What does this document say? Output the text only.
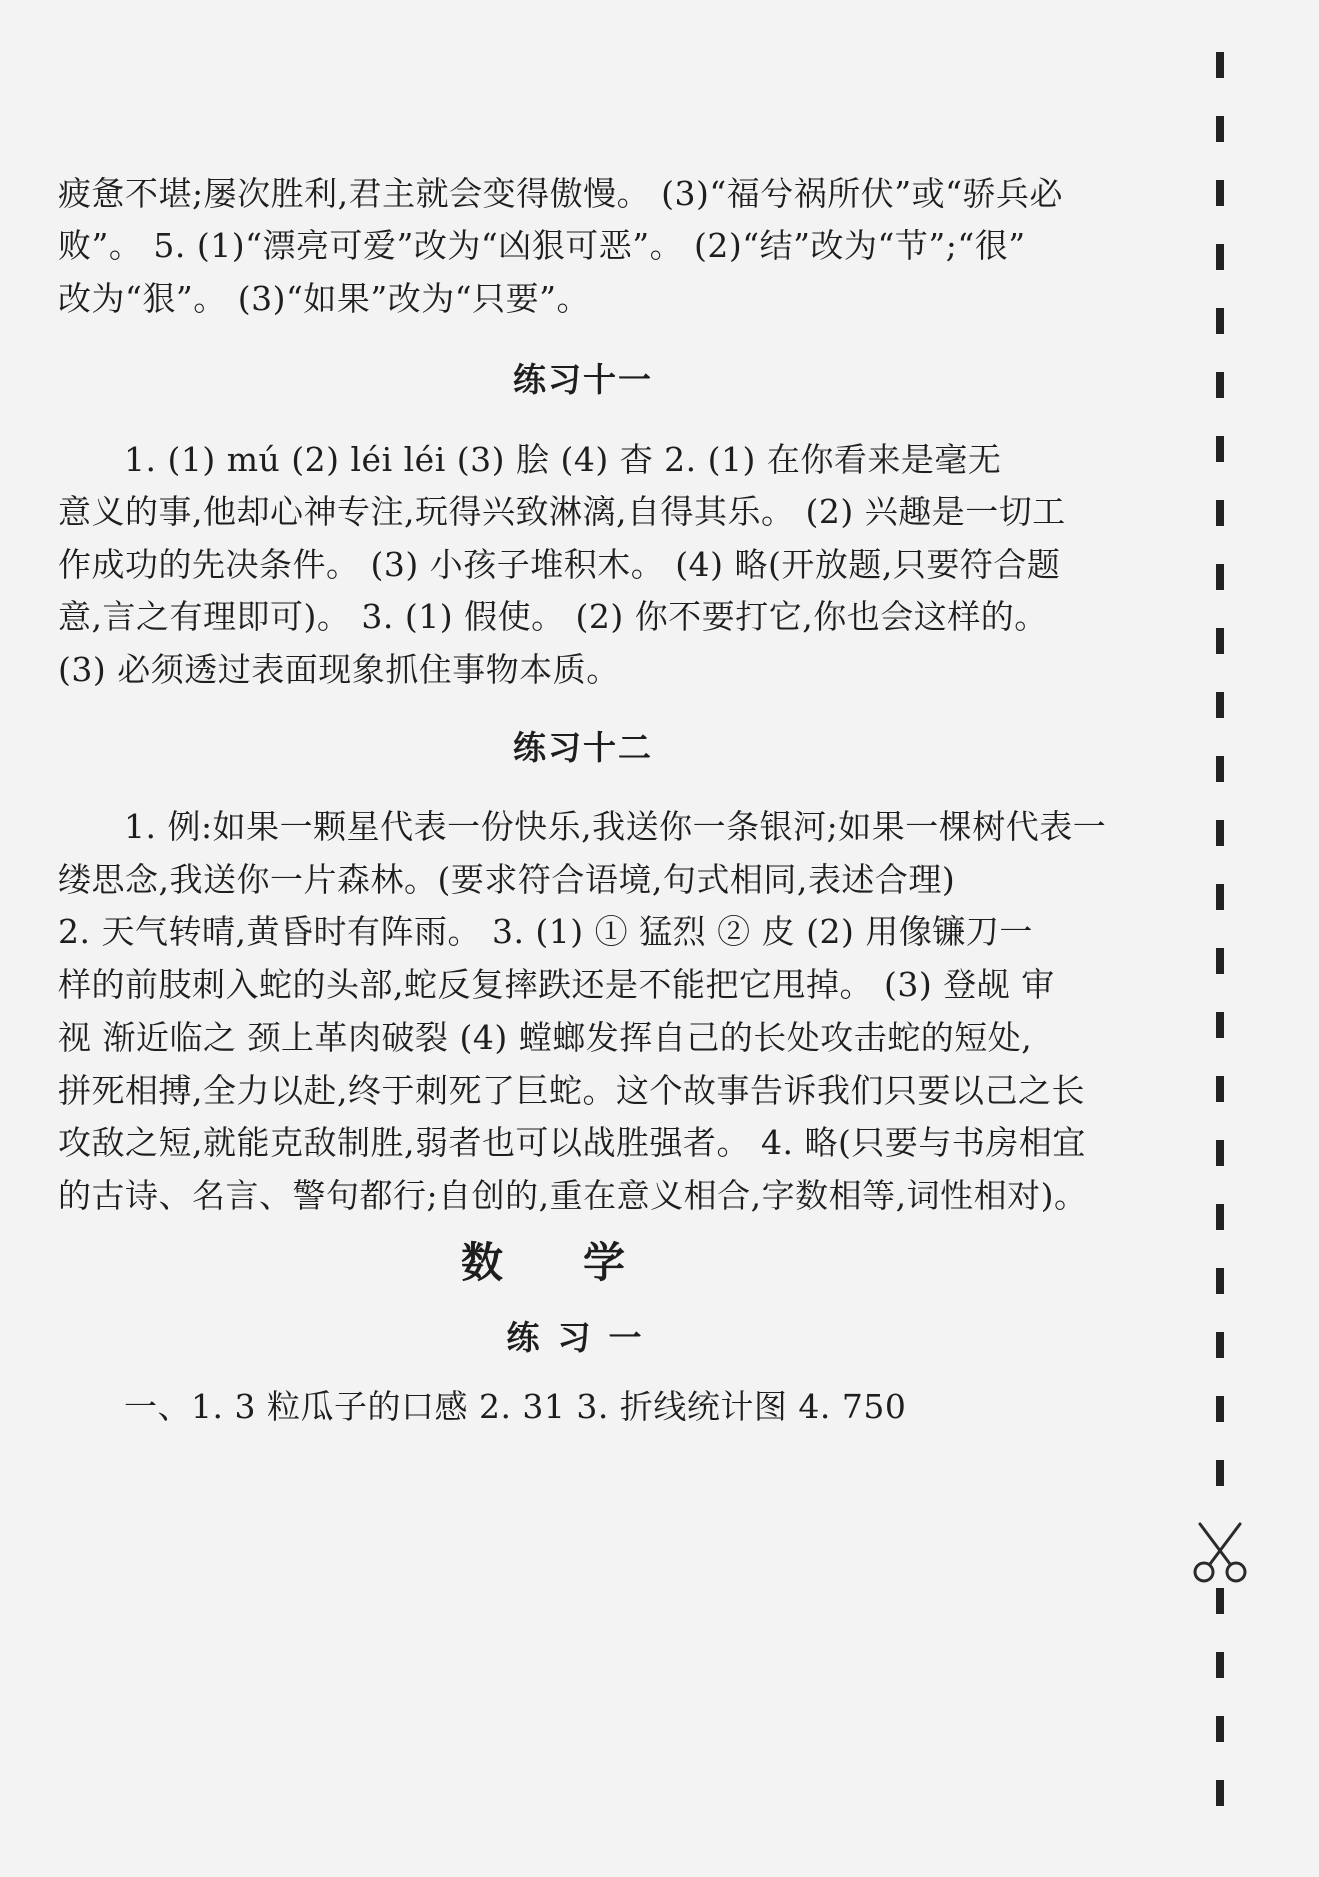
疲惫不堪;屡次胜利,君主就会变得傲慢。 (3)“福兮祸所伏”或“骄兵必
败”。 5. (1)“漂亮可爱”改为“凶狠可恶”。 (2)“结”改为“节”;“很”
改为“狠”。 (3)“如果”改为“只要”。
练习十一
1. (1) mú (2) léi léi (3) 脍 (4) 杳 2. (1) 在你看来是毫无
意义的事,他却心神专注,玩得兴致淋漓,自得其乐。 (2) 兴趣是一切工
作成功的先决条件。 (3) 小孩子堆积木。 (4) 略(开放题,只要符合题
意,言之有理即可)。 3. (1) 假使。 (2) 你不要打它,你也会这样的。
(3) 必须透过表面现象抓住事物本质。
练习十二
1. 例:如果一颗星代表一份快乐,我送你一条银河;如果一棵树代表一
缕思念,我送你一片森林。(要求符合语境,句式相同,表述合理)
2. 天气转晴,黄昏时有阵雨。 3. (1) ① 猛烈 ② 皮 (2) 用像镰刀一
样的前肢刺入蛇的头部,蛇反复摔跌还是不能把它甩掉。 (3) 登觇 审
视 渐近临之 颈上革肉破裂 (4) 螳螂发挥自己的长处攻击蛇的短处,
拼死相搏,全力以赴,终于刺死了巨蛇。这个故事告诉我们只要以己之长
攻敌之短,就能克敌制胜,弱者也可以战胜强者。 4. 略(只要与书房相宜
的古诗、名言、警句都行;自创的,重在意义相合,字数相等,词性相对)。
数学
练习一
一、1. 3 粒瓜子的口感 2. 31 3. 折线统计图 4. 750
